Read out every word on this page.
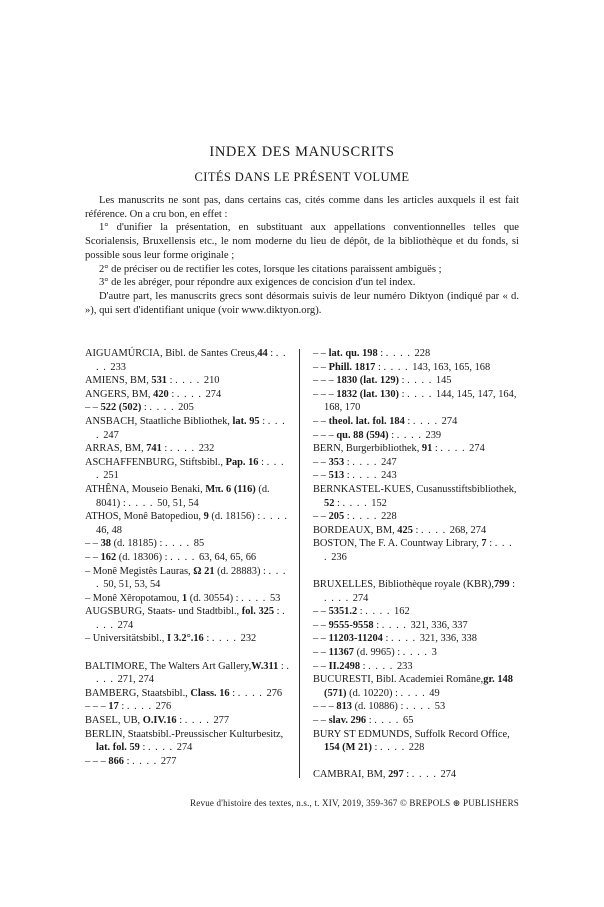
INDEX DES MANUSCRITS
CITÉS DANS LE PRÉSENT VOLUME

Les manuscrits ne sont pas, dans certains cas, cités comme dans les articles auxquels il est fait référence. On a cru bon, en effet :

1° d'unifier la présentation, en substituant aux appellations conventionnelles telles que Scorialensis, Bruxellensis etc., le nom moderne du lieu de dépôt, de la bibliothèque et du fonds, si possible sous leur forme originale ;

2° de préciser ou de rectifier les cotes, lorsque les citations paraissent ambiguës ;

3° de les abréger, pour répondre aux exigences de concision d'un tel index.

D'autre part, les manuscrits grecs sont désormais suivis de leur numéro Diktyon (indiqué par « d. »), qui sert d'identifiant unique (voir www.diktyon.org).

AIGUAMÚRCIA, Bibl. de Santes Creus,44 : . . . . 233
AMIENS, BM, 531 : . . . . 210
ANGERS, BM, 420 : . . . . 274
– – 522 (502) : . . . . 205
ANSBACH, Staatliche Bibliothek, lat. 95 : . . . . 247
ARRAS, BM, 741 : . . . . 232
ASCHAFFENBURG, Stiftsbibl., Pap. 16 : . . . . 251
ATHÊNA, Mouseio Benaki, Μπ. 6 (116) (d. 8041) : . . . . 50, 51, 54
ATHOS, Monê Batopediou, 9 (d. 18156) : . . . . 46, 48
– – 38 (d. 18185) : . . . . 85
– – 162 (d. 18306) : . . . . 63, 64, 65, 66
– Monê Megistês Lauras, Ω 21 (d. 28883) : . . . . 50, 51, 53, 54
– Monê Xêropotamou, 1 (d. 30554) : . . . . 53
AUGSBURG, Staats- und Stadtbibl., fol. 325 : . . . . 274
– Universitätsbibl., I 3.2°.16 : . . . . 232
BALTIMORE, The Walters Art Gallery,W.311 : . . . . 271, 274
BAMBERG, Staatsbibl., Class. 16 : . . . . 276
– – – 17 : . . . . 276
BASEL, UB, O.IV.16 : . . . . 277
BERLIN, Staatsbibl.-Preussischer Kulturbesitz, lat. fol. 59 : . . . . 274
– – – 866 : . . . . 277
– – lat. qu. 198 : . . . . 228
– – Phill. 1817 : . . . . 143, 163, 165, 168
– – – 1830 (lat. 129) : . . . . 145
– – – 1832 (lat. 130) : . . . . 144, 145, 147, 164, 168, 170
– – theol. lat. fol. 184 : . . . . 274
– – – qu. 88 (594) : . . . . 239
BERN, Burgerbibliothek, 91 : . . . . 274
– – 353 : . . . . 247
– – 513 : . . . . 243
BERNKASTEL-KUES, Cusanusstiftsbibliothek, 52 : . . . . 152
– – 205 : . . . . 228
BORDEAUX, BM, 425 : . . . . 268, 274
BOSTON, The F. A. Countway Library, 7 : . . . . 236
BRUXELLES, Bibliothèque royale (KBR),799 : . . . . 274
– – 5351.2 : . . . . 162
– – 9555-9558 : . . . . 321, 336, 337
– – 11203-11204 : . . . . 321, 336, 338
– – 11367 (d. 9965) : . . . . 3
– – II.2498 : . . . . 233
BUCURESTI, Bibl. Academiei Române,gr. 148 (571) (d. 10220) : . . . . 49
– – – 813 (d. 10886) : . . . . 53
– – slav. 296 : . . . . 65
BURY ST EDMUNDS, Suffolk Record Office, 154 (M 21) : . . . . 228
CAMBRAI, BM, 297 : . . . . 274
Revue d'histoire des textes, n.s., t. XIV, 2019, 359-367 © BREPOLS ⊛ PUBLISHERS
